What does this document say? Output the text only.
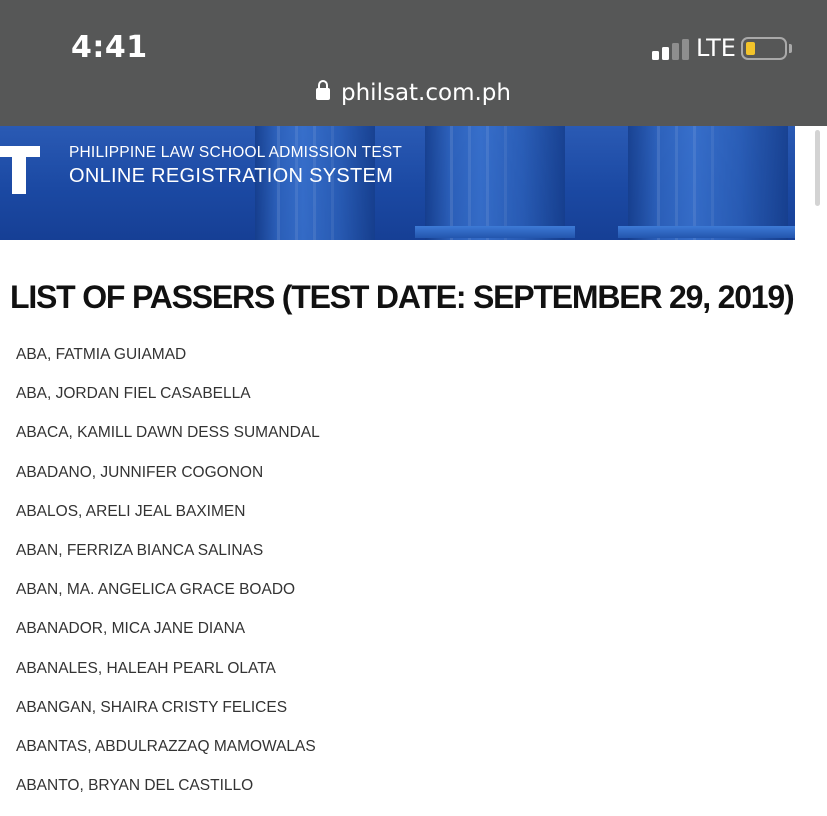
4:41	LTE
philsat.com.ph
PHILIPPINE LAW SCHOOL ADMISSION TEST
ONLINE REGISTRATION SYSTEM
LIST OF PASSERS (TEST DATE: SEPTEMBER 29, 2019)
ABA, FATMIA GUIAMAD
ABA, JORDAN FIEL CASABELLA
ABACA, KAMILL DAWN DESS SUMANDAL
ABADANO, JUNNIFER COGONON
ABALOS, ARELI JEAL BAXIMEN
ABAN, FERRIZA BIANCA SALINAS
ABAN, MA. ANGELICA GRACE BOADO
ABANADOR, MICA JANE DIANA
ABANALES, HALEAH PEARL OLATA
ABANGAN, SHAIRA CRISTY FELICES
ABANTAS, ABDULRAZZAQ MAMOWALAS
ABANTO, BRYAN DEL CASTILLO
